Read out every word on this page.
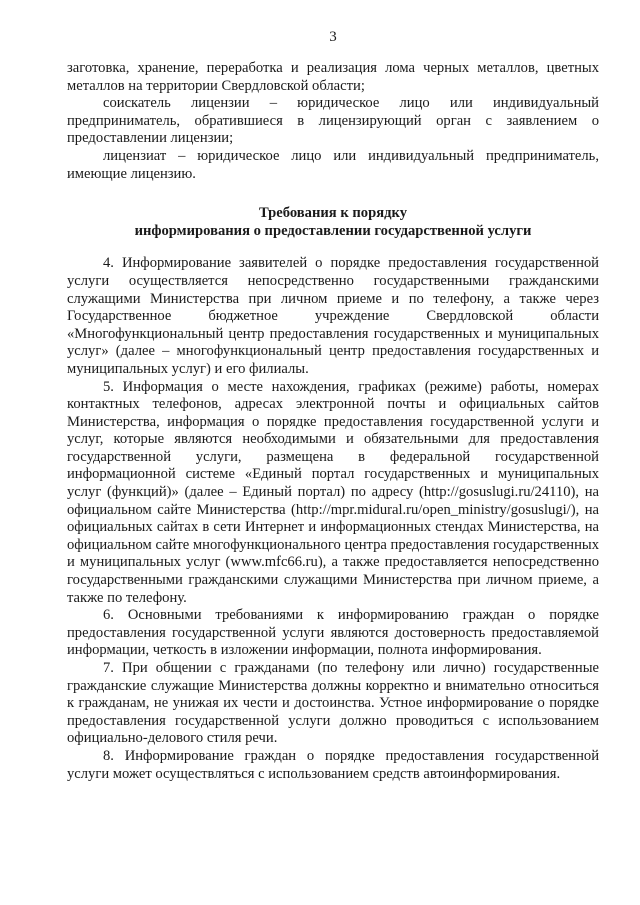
3

заготовка, хранение, переработка и реализация лома черных металлов, цветных металлов на территории Свердловской области;

соискатель лицензии – юридическое лицо или индивидуальный предприниматель, обратившиеся в лицензирующий орган с заявлением о предоставлении лицензии;

лицензиат – юридическое лицо или индивидуальный предприниматель, имеющие лицензию.

Требования к порядку
информирования о предоставлении государственной услуги

4. Информирование заявителей о порядке предоставления государственной услуги осуществляется непосредственно государственными гражданскими служащими Министерства при личном приеме и по телефону, а также через Государственное бюджетное учреждение Свердловской области «Многофункциональный центр предоставления государственных и муниципальных услуг» (далее – многофункциональный центр предоставления государственных и муниципальных услуг) и его филиалы.

5. Информация о месте нахождения, графиках (режиме) работы, номерах контактных телефонов, адресах электронной почты и официальных сайтов Министерства, информация о порядке предоставления государственной услуги и услуг, которые являются необходимыми и обязательными для предоставления государственной услуги, размещена в федеральной государственной информационной системе «Единый портал государственных и муниципальных услуг (функций)» (далее – Единый портал) по адресу (http://gosuslugi.ru/24110), на официальном сайте Министерства (http://mpr.midural.ru/open_ministry/gosuslugi/), на официальных сайтах в сети Интернет и информационных стендах Министерства, на официальном сайте многофункционального центра предоставления государственных и муниципальных услуг (www.mfc66.ru), а также предоставляется непосредственно государственными гражданскими служащими Министерства при личном приеме, а также по телефону.

6. Основными требованиями к информированию граждан о порядке предоставления государственной услуги являются достоверность предоставляемой информации, четкость в изложении информации, полнота информирования.

7. При общении с гражданами (по телефону или лично) государственные гражданские служащие Министерства должны корректно и внимательно относиться к гражданам, не унижая их чести и достоинства. Устное информирование о порядке предоставления государственной услуги должно проводиться с использованием официально-делового стиля речи.

8. Информирование граждан о порядке предоставления государственной услуги может осуществляться с использованием средств автоинформирования.
